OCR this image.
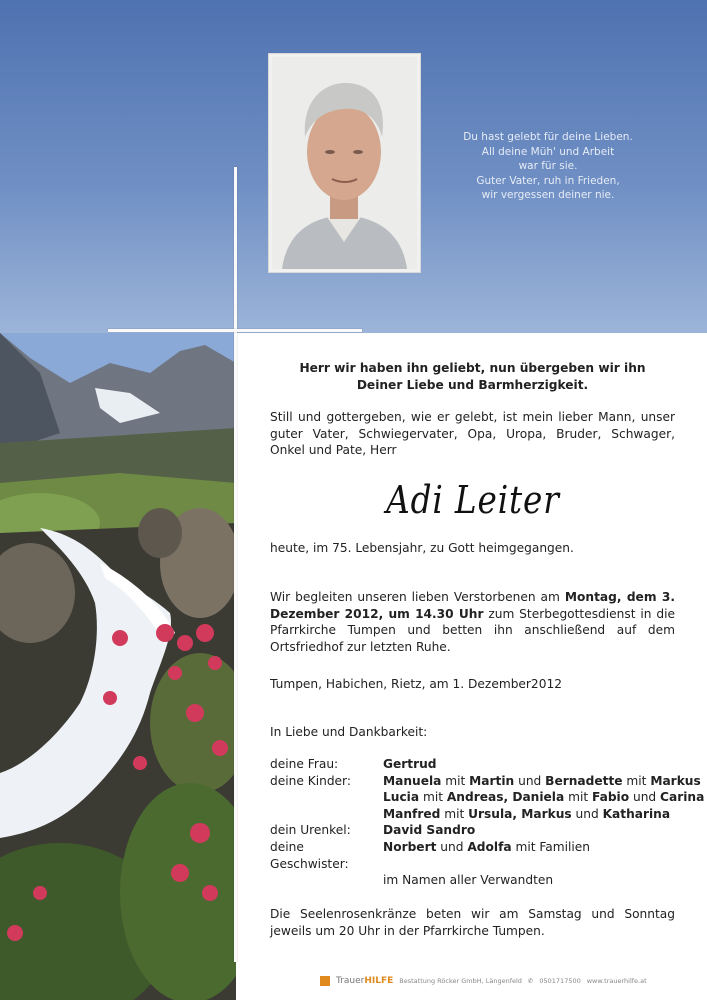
Du hast gelebt für deine Lieben.
All deine Müh' und Arbeit
war für sie.
Guter Vater, ruh in Frieden,
wir vergessen deiner nie.
Herr wir haben ihn geliebt, nun übergeben wir ihn
Deiner Liebe und Barmherzigkeit.

Still und gottergeben, wie er gelebt, ist mein lieber Mann, unser guter Vater, Schwiegervater, Opa, Uropa, Bruder, Schwager, Onkel und Pate, Herr

Adi Leiter
heute, im 75. Lebensjahr, zu Gott heimgegangen.
Wir begleiten unseren lieben Verstorbenen am Montag, dem 3. Dezember 2012, um 14.30 Uhr zum Sterbegottesdienst in die Pfarrkirche Tumpen und betten ihn anschließend auf dem Ortsfriedhof zur letzten Ruhe.
Tumpen, Habichen, Rietz, am 1. Dezember2012
In Liebe und Dankbarkeit:
deine Frau:	Gertrud
deine Kinder:	Manuela mit Martin und Bernadette mit Markus
Lucia mit Andreas, Daniela mit Fabio und Carina
Manfred mit Ursula, Markus und Katharina
dein Urenkel:	David Sandro
deine Geschwister:
Norbert und Adolfa mit Familien
im Namen aller Verwandten
Die Seelenrosenkränze beten wir am Samstag und Sonntag jeweils um 20 Uhr in der Pfarrkirche Tumpen.
TrauerHILFE Bestattung Röcker GmbH, Längenfeld ✆ 0501717500 www.trauerhilfe.at
